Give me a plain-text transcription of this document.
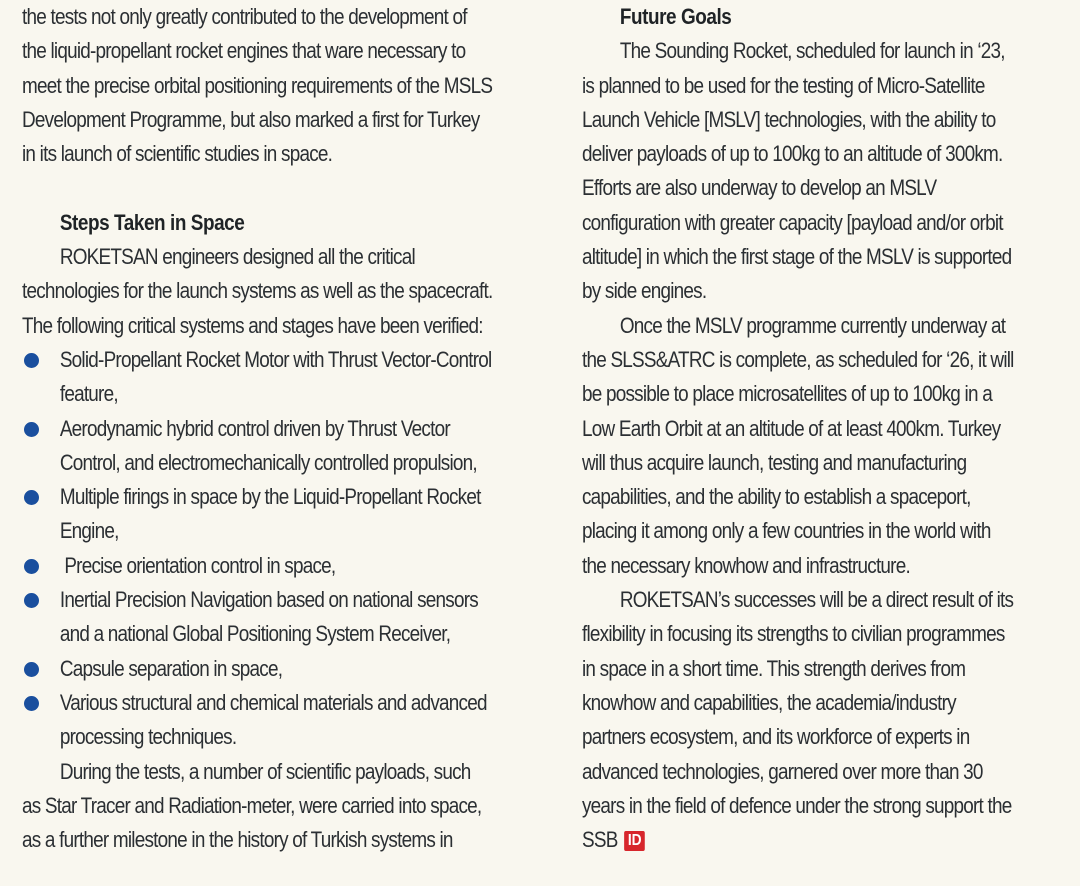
the tests not only greatly contributed to the development of
the liquid-propellant rocket engines that ware necessary to
meet the precise orbital positioning requirements of the MSLS
Development Programme, but also marked a first for Turkey
in its launch of scientific studies in space.
Steps Taken in Space
ROKETSAN engineers designed all the critical
technologies for the launch systems as well as the spacecraft.
The following critical systems and stages have been verified:
Solid-Propellant Rocket Motor with Thrust Vector-Control
feature,
Aerodynamic hybrid control driven by Thrust Vector
Control, and electromechanically controlled propulsion,
Multiple firings in space by the Liquid-Propellant Rocket
Engine,
Precise orientation control in space,
Inertial Precision Navigation based on national sensors
and a national Global Positioning System Receiver,
Capsule separation in space,
Various structural and chemical materials and advanced
processing techniques.
During the tests, a number of scientific payloads, such
as Star Tracer and Radiation-meter, were carried into space,
as a further milestone in the history of Turkish systems in
Future Goals
The Sounding Rocket, scheduled for launch in ‘23,
is planned to be used for the testing of Micro-Satellite
Launch Vehicle [MSLV] technologies, with the ability to
deliver payloads of up to 100kg to an altitude of 300km.
Efforts are also underway to develop an MSLV
configuration with greater capacity [payload and/or orbit
altitude] in which the first stage of the MSLV is supported
by side engines.
Once the MSLV programme currently underway at
the SLSS&ATRC is complete, as scheduled for ‘26, it will
be possible to place microsatellites of up to 100kg in a
Low Earth Orbit at an altitude of at least 400km. Turkey
will thus acquire launch, testing and manufacturing
capabilities, and the ability to establish a spaceport,
placing it among only a few countries in the world with
the necessary knowhow and infrastructure.
ROKETSAN’s successes will be a direct result of its
flexibility in focusing its strengths to civilian programmes
in space in a short time. This strength derives from
knowhow and capabilities, the academia/industry
partners ecosystem, and its workforce of experts in
advanced technologies, garnered over more than 30
years in the field of defence under the strong support the
SSB ID
